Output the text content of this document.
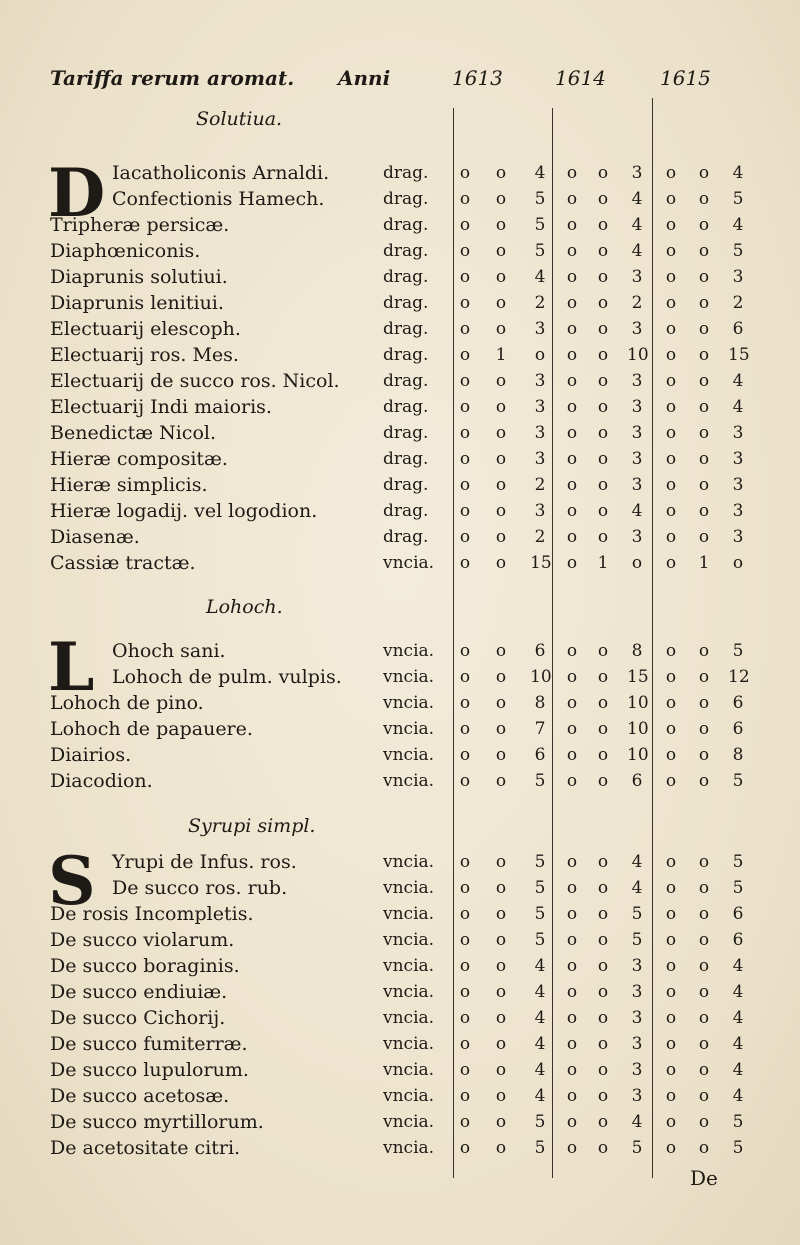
Tariffa rerum aromat. Anni	1613	1614	1615
Solutiua.
D Iacatholiconis Arnaldi.	drag. o o 4 o o 3 o o 4
Confectionis Hamech.	drag. o o 5 o o 4 o o 5
Tripheræ persicæ.	drag. o o 5 o o 4 o o 4
Diaphœniconis.	drag. o o 5 o o 4 o o 5
Diaprunis solutiui.	drag. o o 4 o o 3 o o 3
Diaprunis lenitiui.	drag. o o 2 o o 2 o o 2
Electuarij elescoph.	drag. o o 3 o o 3 o o 6
Electuarij ros. Mes.	drag. o 1 o o o 10 o o 15
Electuarij de succo ros. Nicol.	drag. o o 3 o o 3 o o 4
Electuarij Indi maioris.	drag. o o 3 o o 3 o o 4
Benedictæ Nicol.	drag. o o 3 o o 3 o o 3
Hieræ compositæ.	drag. o o 3 o o 3 o o 3
Hieræ simplicis.	drag. o o 2 o o 3 o o 3
Hieræ logadij. vel logodion.	drag. o o 3 o o 4 o o 3
Diasenæ.	drag. o o 2 o o 3 o o 3
Cassiæ tractæ.	vncia. o o 15 o 1 o o 1 o
Lohoch.
L Ohoch sani.	vncia. o o 6 o o 8 o o 5
Lohoch de pulm. vulpis. vncia. o o 10 o o 15 o o 12
Lohoch de pino.	vncia. o o 8 o o 10 o o 6
Lohoch de papauere.	vncia. o o 7 o o 10 o o 6
Diairios.	vncia. o o 6 o o 10 o o 8
Diacodion.	vncia. o o 5 o o 6 o o 5
Syrupi simpl.
S Yrupi de Infus. ros.	vncia. o o 5 o o 4 o o 5
De succo ros. rub.	vncia. o o 5 o o 4 o o 5
De rosis Incompletis.	vncia. o o 5 o o 5 o o 6
De succo violarum.	vncia. o o 5 o o 5 o o 6
De succo boraginis.	vncia. o o 4 o o 3 o o 4
De succo endiuiæ.	vncia. o o 4 o o 3 o o 4
De succo Cichorij.	vncia. o o 4 o o 3 o o 4
De succo fumiterræ.	vncia. o o 4 o o 3 o o 4
De succo lupulorum.	vncia. o o 4 o o 3 o o 4
De succo acetosæ.	vncia. o o 4 o o 3 o o 4
De succo myrtillorum.	vncia. o o 5 o o 4 o o 5
De acetositate citri.	vncia. o o 5 o o 5 o o 5
De
